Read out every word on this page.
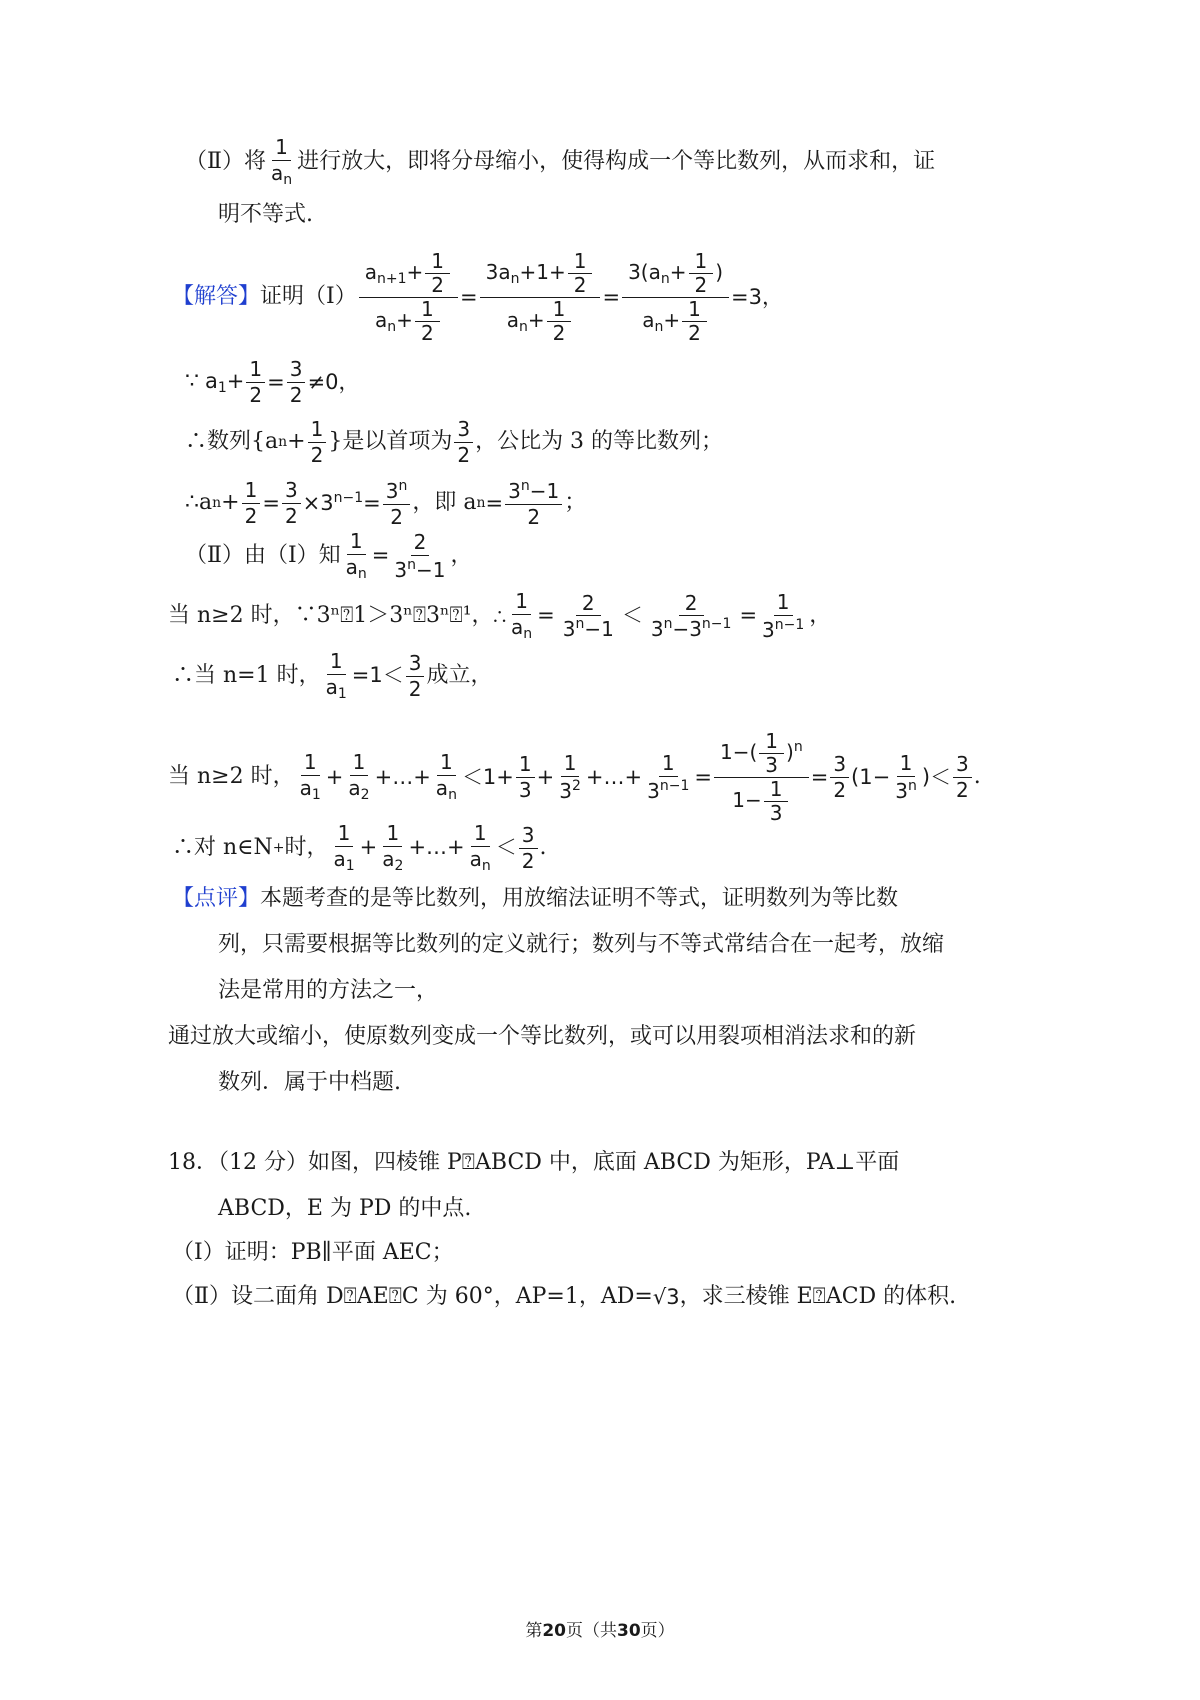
（Ⅱ）将 $\frac{1}{a_n}$ 进行放大，即将分母缩小，使得构成一个等比数列，从而求和，证
明不等式.
【解答】 证明（Ⅰ） $\frac{a_{n+1}+ \frac{1}{2}}{a_n+ \frac{1}{2}} = \frac{3a_n+1+ \frac{1}{2}}{a_n+ \frac{1}{2}} = \frac{3(a_n+ \frac{1}{2} )}{a_n+ \frac{1}{2}} =3$，
∵ $a_1+ \frac{1}{2} = \frac{3}{2} \ne 0$，
∴数列{a $n + \frac{1}{2}$ }是以首项为 $\frac{3}{2}$ ，公比为 3 的等比数列；
∴a $n + \frac{1}{2} = \frac{3}{2} \times 3^{n-1}= \frac{3^n}{2}$ ，即 a $n = \frac{3^n-1}{2}$ ；
（Ⅱ）由（Ⅰ）知 $\frac{1}{a_n} = \frac{2}{3^n-1}$ ，
当 n≥2 时，∵3ⁿ⍰1＞3ⁿ⍰3ⁿ⍰¹，∴ $\frac{1}{a_n} = \frac{2}{3^n-1} < \frac{2}{3^n-3^{n-1}} = \frac{1}{3^{n-1}}$ ，
∴当 n=1 时， $\frac{1}{a_1} =1< \frac{3}{2}$ 成立，
当 n≥2 时， $\frac{1}{a_1} + \frac{1}{a_2}$ +…+ $\frac{1}{a_n} <1+ \frac{1}{3} + \frac{1}{3^2}$ +…+ $\frac{1}{3^{n-1}} = \frac{1-( \frac{1}{3} )^n}{1- \frac{1}{3}} = \frac{3}{2} (1- \frac{1}{3^n}$ )＜ $\frac{3}{2}$ .
∴对 n∈N + 时， $\frac{1}{a_1} + \frac{1}{a_2}$ +…+ $\frac{1}{a_n} < \frac{3}{2}$ .
【点评】 本题考查的是等比数列，用放缩法证明不等式，证明数列为等比数
列，只需要根据等比数列的定义就行；数列与不等式常结合在一起考，放缩
法是常用的方法之一，
通过放大或缩小，使原数列变成一个等比数列，或可以用裂项相消法求和的新
数列．属于中档题.
18．（12 分）如图，四棱锥 P⍰ABCD 中，底面 ABCD 为矩形，PA⊥平面
ABCD，E 为 PD 的中点.
（Ⅰ）证明：PB∥平面 AEC；
（Ⅱ）设二面角 D⍰AE⍰C 为 60°，AP=1，AD= √3 ，求三棱锥 E⍰ACD 的体积.
第20页（共30页）
